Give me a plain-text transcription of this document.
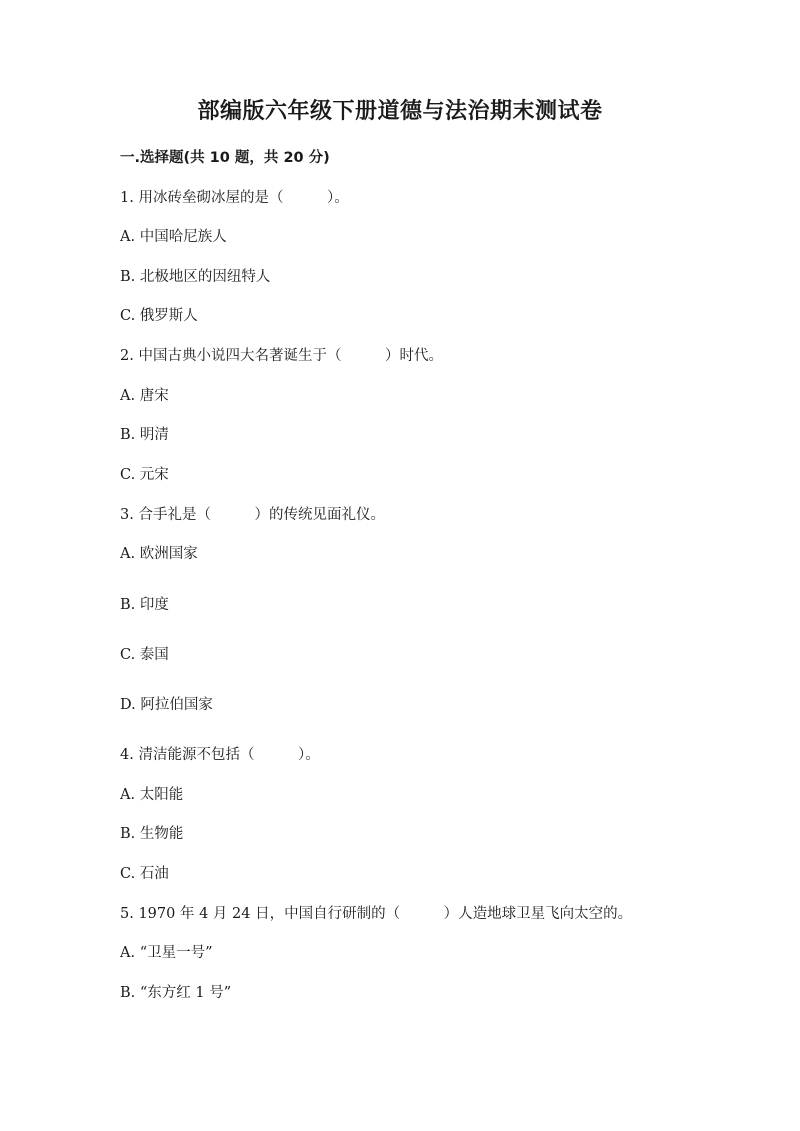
部编版六年级下册道德与法治期末测试卷
一.选择题(共 10 题，共 20 分)
1. 用冰砖垒砌冰屋的是（　　　）。
A. 中国哈尼族人
B. 北极地区的因纽特人
C. 俄罗斯人
2. 中国古典小说四大名著诞生于（　　　）时代。
A. 唐宋
B. 明清
C. 元宋
3. 合手礼是（　　　）的传统见面礼仪。
A. 欧洲国家
B. 印度
C. 泰国
D. 阿拉伯国家
4. 清洁能源不包括（　　　）。
A. 太阳能
B. 生物能
C. 石油
5. 1970 年 4 月 24 日，中国自行研制的（　　　）人造地球卫星飞向太空的。
A. “卫星一号”
B. “东方红 1 号”
